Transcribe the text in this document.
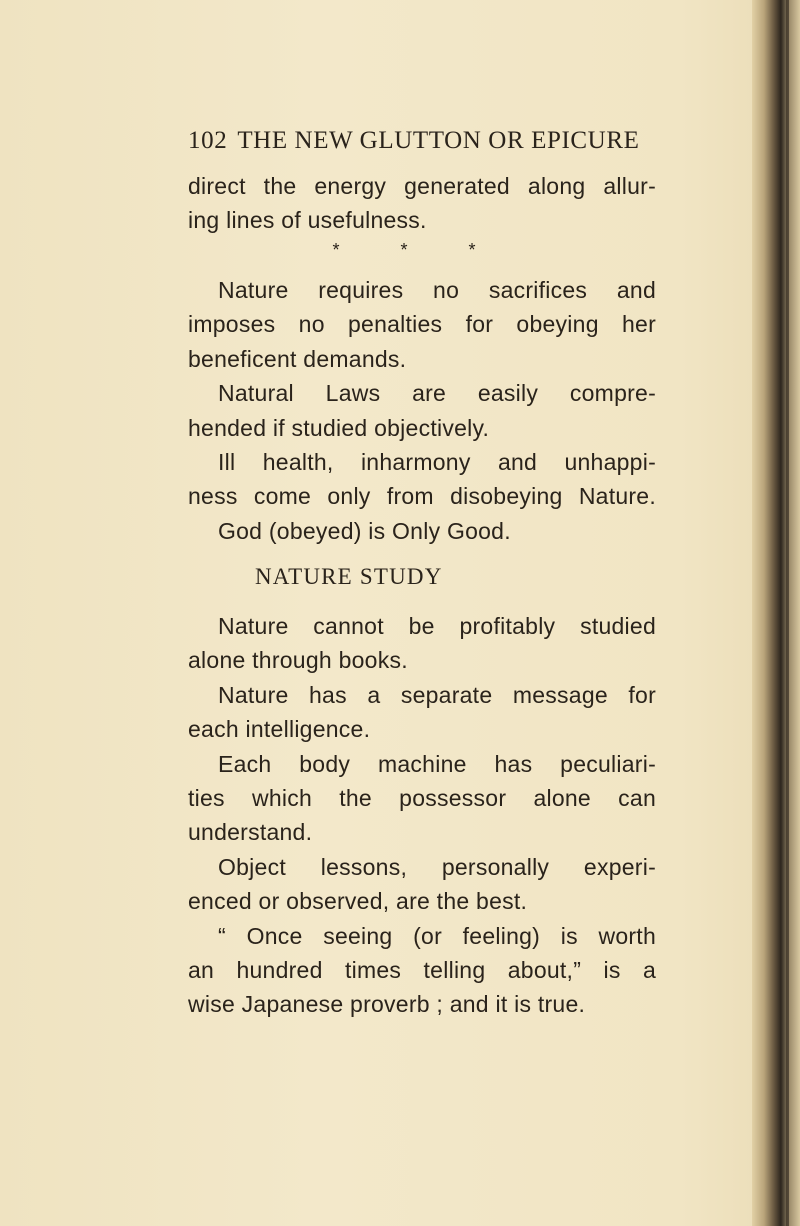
102 THE NEW GLUTTON OR EPICURE
direct the energy generated along allur-
ing lines of usefulness.
* * *
Nature requires no sacrifices and
imposes no penalties for obeying her
beneficent demands.
Natural Laws are easily compre-
hended if studied objectively.
Ill health, inharmony and unhappi-
ness come only from disobeying Nature.
God (obeyed) is Only Good.
NATURE STUDY
Nature cannot be profitably studied
alone through books.
Nature has a separate message for
each intelligence.
Each body machine has peculiari-
ties which the possessor alone can
understand.
Object lessons, personally experi-
enced or observed, are the best.
“ Once seeing (or feeling) is worth
an hundred times telling about,” is a
wise Japanese proverb ; and it is true.
